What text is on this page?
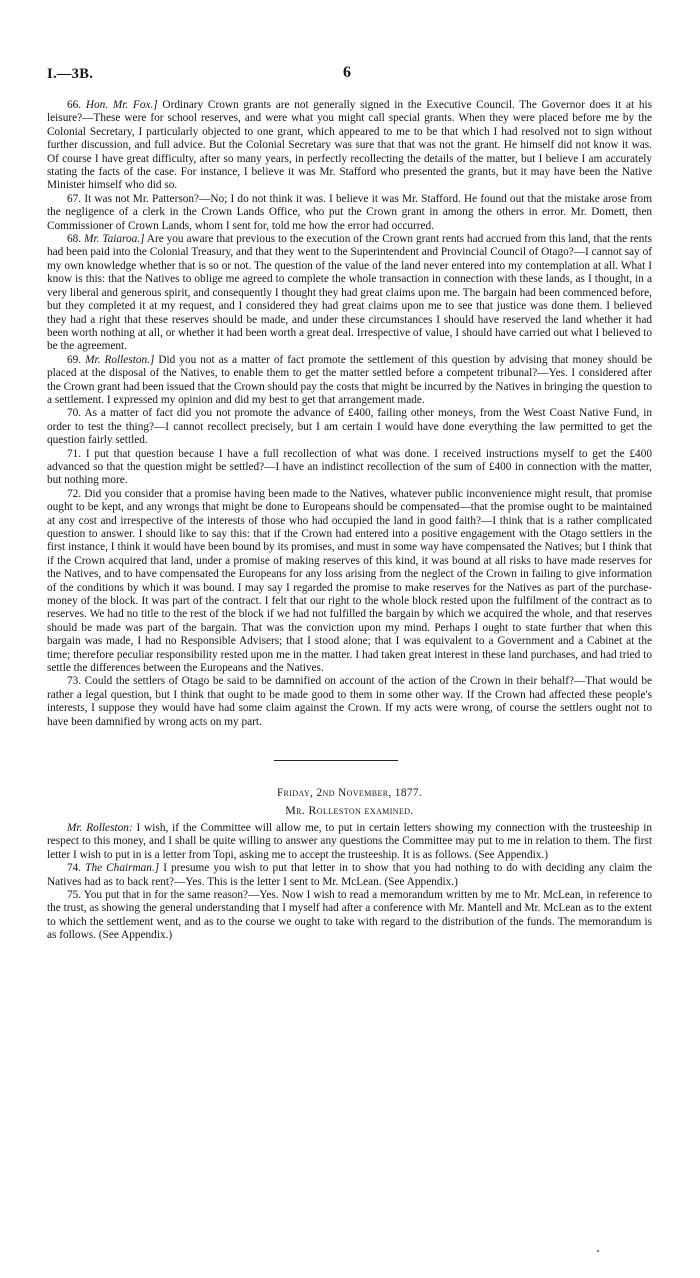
I.—3B.	6

66. Hon. Mr. Fox.] Ordinary Crown grants are not generally signed in the Executive Council. The Governor does it at his leisure?—These were for school reserves, and were what you might call special grants. When they were placed before me by the Colonial Secretary, I particularly objected to one grant, which appeared to me to be that which I had resolved not to sign without further discussion, and full advice. But the Colonial Secretary was sure that that was not the grant. He himself did not know it was. Of course I have great difficulty, after so many years, in perfectly recollecting the details of the matter, but I believe I am accurately stating the facts of the case. For instance, I believe it was Mr. Stafford who presented the grants, but it may have been the Native Minister himself who did so.

67. It was not Mr. Patterson?—No; I do not think it was. I believe it was Mr. Stafford. He found out that the mistake arose from the negligence of a clerk in the Crown Lands Office, who put the Crown grant in among the others in error. Mr. Domett, then Commissioner of Crown Lands, whom I sent for, told me how the error had occurred.

68. Mr. Taiaroa.] Are you aware that previous to the execution of the Crown grant rents had accrued from this land, that the rents had been paid into the Colonial Treasury, and that they went to the Superintendent and Provincial Council of Otago?—I cannot say of my own knowledge whether that is so or not. The question of the value of the land never entered into my contemplation at all. What I know is this: that the Natives to oblige me agreed to complete the whole transaction in connection with these lands, as I thought, in a very liberal and generous spirit, and consequently I thought they had great claims upon me. The bargain had been commenced before, but they completed it at my request, and I considered they had great claims upon me to see that justice was done them. I believed they had a right that these reserves should be made, and under these circumstances I should have reserved the land whether it had been worth nothing at all, or whether it had been worth a great deal. Irrespective of value, I should have carried out what I believed to be the agreement.

69. Mr. Rolleston.] Did you not as a matter of fact promote the settlement of this question by advising that money should be placed at the disposal of the Natives, to enable them to get the matter settled before a competent tribunal?—Yes. I considered after the Crown grant had been issued that the Crown should pay the costs that might be incurred by the Natives in bringing the question to a settlement. I expressed my opinion and did my best to get that arrangement made.

70. As a matter of fact did you not promote the advance of £400, failing other moneys, from the West Coast Native Fund, in order to test the thing?—I cannot recollect precisely, but I am certain I would have done everything the law permitted to get the question fairly settled.

71. I put that question because I have a full recollection of what was done. I received instructions myself to get the £400 advanced so that the question might be settled?—I have an indistinct recollection of the sum of £400 in connection with the matter, but nothing more.

72. Did you consider that a promise having been made to the Natives, whatever public inconvenience might result, that promise ought to be kept, and any wrongs that might be done to Europeans should be compensated—that the promise ought to be maintained at any cost and irrespective of the interests of those who had occupied the land in good faith?—I think that is a rather complicated question to answer. I should like to say this: that if the Crown had entered into a positive engagement with the Otago settlers in the first instance, I think it would have been bound by its promises, and must in some way have compensated the Natives; but I think that if the Crown acquired that land, under a promise of making reserves of this kind, it was bound at all risks to have made reserves for the Natives, and to have compensated the Europeans for any loss arising from the neglect of the Crown in failing to give information of the conditions by which it was bound. I may say I regarded the promise to make reserves for the Natives as part of the purchase-money of the block. It was part of the contract. I felt that our right to the whole block rested upon the fulfilment of the contract as to reserves. We had no title to the rest of the block if we had not fulfilled the bargain by which we acquired the whole, and that reserves should be made was part of the bargain. That was the conviction upon my mind. Perhaps I ought to state further that when this bargain was made, I had no Responsible Advisers; that I stood alone; that I was equivalent to a Government and a Cabinet at the time; therefore peculiar responsibility rested upon me in the matter. I had taken great interest in these land purchases, and had tried to settle the differences between the Europeans and the Natives.

73. Could the settlers of Otago be said to be damnified on account of the action of the Crown in their behalf?—That would be rather a legal question, but I think that ought to be made good to them in some other way. If the Crown had affected these people's interests, I suppose they would have had some claim against the Crown. If my acts were wrong, of course the settlers ought not to have been damnified by wrong acts on my part.

Friday, 2nd November, 1877.
Mr. Rolleston examined.

Mr. Rolleston: I wish, if the Committee will allow me, to put in certain letters showing my connection with the trusteeship in respect to this money, and I shall be quite willing to answer any questions the Committee may put to me in relation to them. The first letter I wish to put in is a letter from Topi, asking me to accept the trusteeship. It is as follows. (See Appendix.)

74. The Chairman.] I presume you wish to put that letter in to show that you had nothing to do with deciding any claim the Natives had as to back rent?—Yes. This is the letter I sent to Mr. McLean. (See Appendix.)

75. You put that in for the same reason?—Yes. Now I wish to read a memorandum written by me to Mr. McLean, in reference to the trust, as showing the general understanding that I myself had after a conference with Mr. Mantell and Mr. McLean as to the extent to which the settlement went, and as to the course we ought to take with regard to the distribution of the funds. The memorandum is as follows. (See Appendix.)
